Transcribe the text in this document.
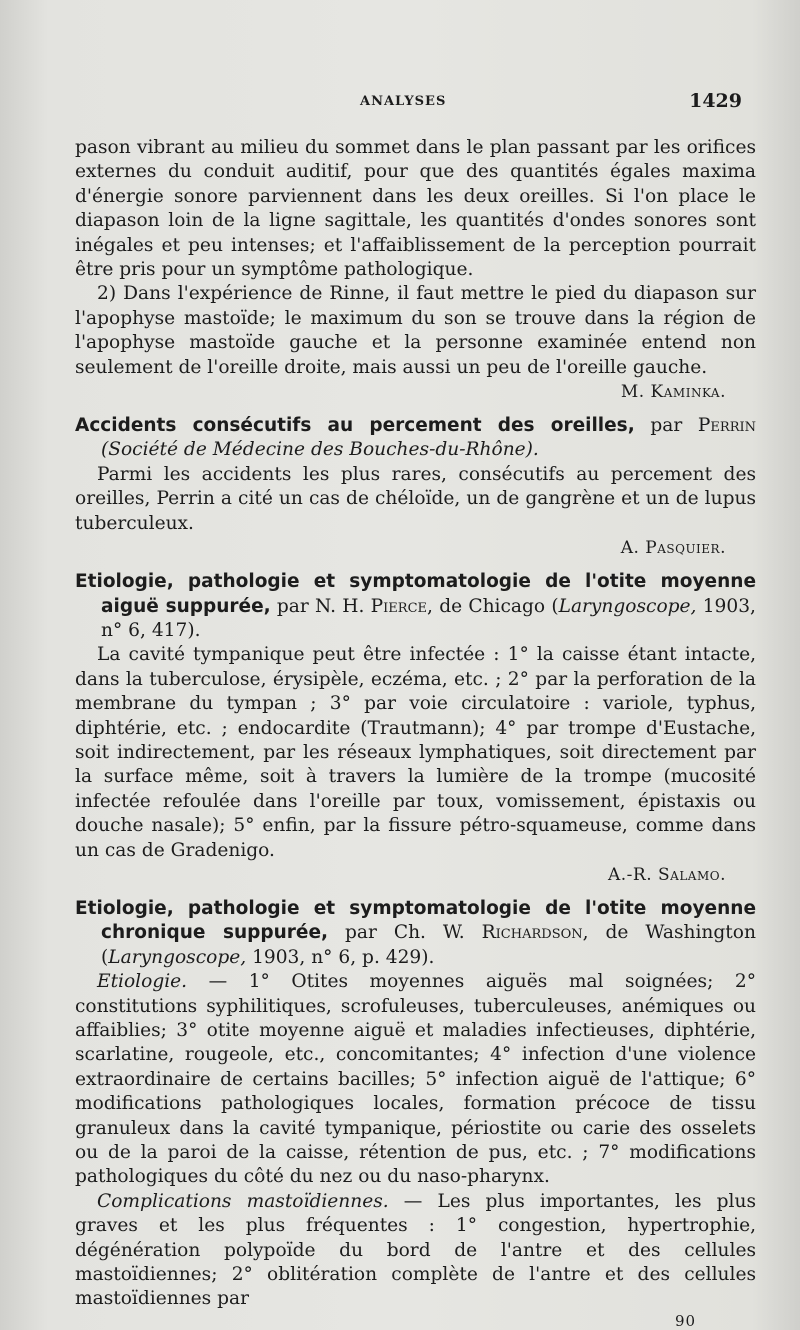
ANALYSES	1429

pason vibrant au milieu du sommet dans le plan passant par les orifices externes du conduit auditif, pour que des quantités égales maxima d'énergie sonore parviennent dans les deux oreilles. Si l'on place le diapason loin de la ligne sagittale, les quantités d'ondes sonores sont inégales et peu intenses; et l'affaiblissement de la perception pourrait être pris pour un symptôme pathologique.

2) Dans l'expérience de Rinne, il faut mettre le pied du diapason sur l'apophyse mastoïde; le maximum du son se trouve dans la région de l'apophyse mastoïde gauche et la personne examinée entend non seulement de l'oreille droite, mais aussi un peu de l'oreille gauche.

M. Kaminka.
Accidents consécutifs au percement des oreilles, par Perrin (Société de Médecine des Bouches-du-Rhône).

Parmi les accidents les plus rares, consécutifs au percement des oreilles, Perrin a cité un cas de chéloïde, un de gangrène et un de lupus tuberculeux.

A. Pasquier.
Etiologie, pathologie et symptomatologie de l'otite moyenne aiguë suppurée, par N. H. Pierce, de Chicago (Laryngoscope, 1903, n° 6, 417).

La cavité tympanique peut être infectée : 1° la caisse étant intacte, dans la tuberculose, érysipèle, eczéma, etc. ; 2° par la perforation de la membrane du tympan ; 3° par voie circulatoire : variole, typhus, diphtérie, etc. ; endocardite (Trautmann); 4° par trompe d'Eustache, soit indirectement, par les réseaux lymphatiques, soit directement par la surface même, soit à travers la lumière de la trompe (mucosité infectée refoulée dans l'oreille par toux, vomissement, épistaxis ou douche nasale); 5° enfin, par la fissure pétro-squameuse, comme dans un cas de Gradenigo.

A.-R. Salamo.
Etiologie, pathologie et symptomatologie de l'otite moyenne chronique suppurée, par Ch. W. Richardson, de Washington (Laryngoscope, 1903, n° 6, p. 429).

Etiologie. — 1° Otites moyennes aiguës mal soignées; 2° constitutions syphilitiques, scrofuleuses, tuberculeuses, anémiques ou affaiblies; 3° otite moyenne aiguë et maladies infectieuses, diphtérie, scarlatine, rougeole, etc., concomitantes; 4° infection d'une violence extraordinaire de certains bacilles; 5° infection aiguë de l'attique; 6° modifications pathologiques locales, formation précoce de tissu granuleux dans la cavité tympanique, périostite ou carie des osselets ou de la paroi de la caisse, rétention de pus, etc. ; 7° modifications pathologiques du côté du nez ou du naso-pharynx.

Complications mastoïdiennes. — Les plus importantes, les plus graves et les plus fréquentes : 1° congestion, hypertrophie, dégénération polypoïde du bord de l'antre et des cellules mastoïdiennes; 2° oblitération complète de l'antre et des cellules mastoïdiennes par

90
